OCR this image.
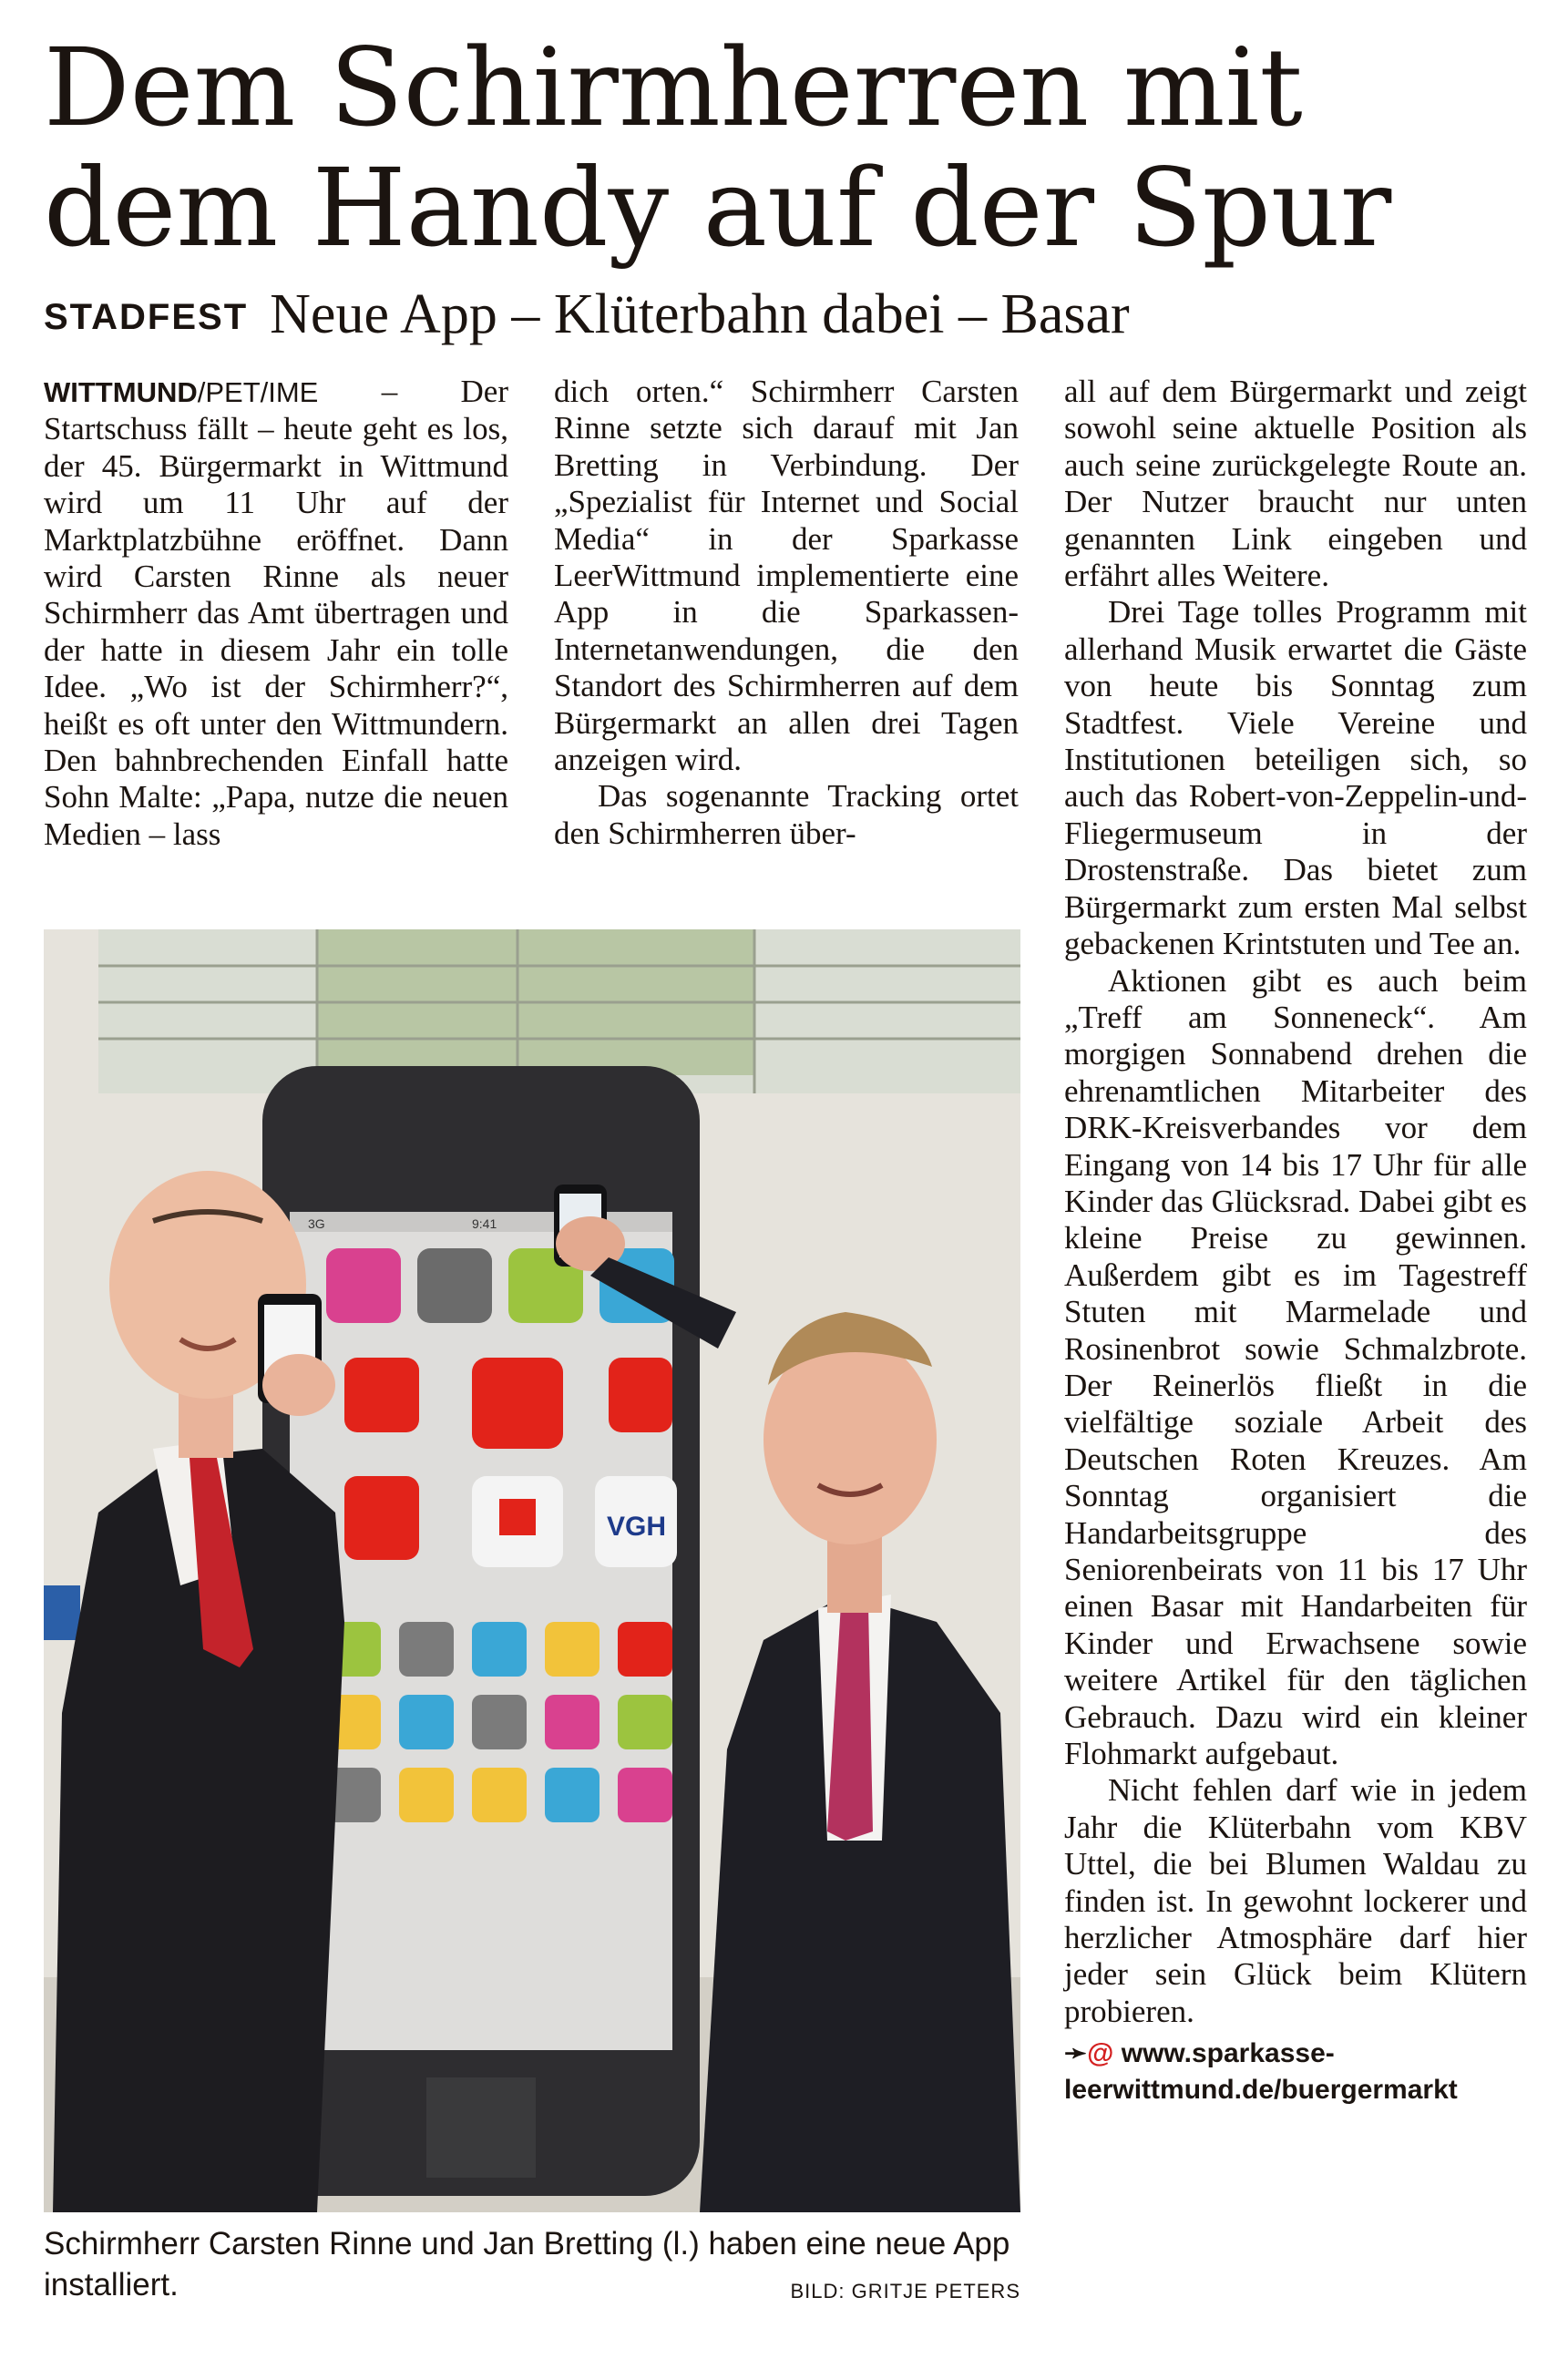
Dem Schirmherren mit
dem Handy auf der Spur
STADFEST Neue App – Klüterbahn dabei – Basar

WITTMUND/PET/IME – Der Startschuss fällt – heute geht es los, der 45. Bürgermarkt in Wittmund wird um 11 Uhr auf der Marktplatzbühne eröffnet. Dann wird Carsten Rinne als neuer Schirmherr das Amt übertragen und der hatte in diesem Jahr ein tolle Idee. „Wo ist der Schirmherr?“, heißt es oft unter den Wittmundern. Den bahnbrechenden Einfall hatte Sohn Malte: „Papa, nutze die neuen Medien – lass

dich orten.“ Schirmherr Carsten Rinne setzte sich darauf mit Jan Bretting in Verbindung. Der „Spezialist für Internet und Social Media“ in der Sparkasse LeerWittmund implementierte eine App in die Sparkassen-Internetanwendungen, die den Standort des Schirmherren auf dem Bürgermarkt an allen drei Tagen anzeigen wird.

Das sogenannte Tracking ortet den Schirmherren über-

all auf dem Bürgermarkt und zeigt sowohl seine aktuelle Position als auch seine zurückgelegte Route an. Der Nutzer braucht nur unten genannten Link eingeben und erfährt alles Weitere.

Drei Tage tolles Programm mit allerhand Musik erwartet die Gäste von heute bis Sonntag zum Stadtfest. Viele Vereine und Institutionen beteiligen sich, so auch das Robert-von-Zeppelin-und-Fliegermuseum in der Drostenstraße. Das bietet zum Bürgermarkt zum ersten Mal selbst gebackenen Krintstuten und Tee an.

Aktionen gibt es auch beim „Treff am Sonneneck“. Am morgigen Sonnabend drehen die ehrenamtlichen Mitarbeiter des DRK-Kreisverbandes vor dem Eingang von 14 bis 17 Uhr für alle Kinder das Glücksrad. Dabei gibt es kleine Preise zu gewinnen. Außerdem gibt es im Tagestreff Stuten mit Marmelade und Rosinenbrot sowie Schmalzbrote. Der Reinerlös fließt in die vielfältige soziale Arbeit des Deutschen Roten Kreuzes. Am Sonntag organisiert die Handarbeitsgruppe des Seniorenbeirats von 11 bis 17 Uhr einen Basar mit Handarbeiten für Kinder und Erwachsene sowie weitere Artikel für den täglichen Gebrauch. Dazu wird ein kleiner Flohmarkt aufgebaut.

Nicht fehlen darf wie in jedem Jahr die Klüterbahn vom KBV Uttel, die bei Blumen Waldau zu finden ist. In gewohnt lockerer und herzlicher Atmosphäre darf hier jeder sein Glück beim Klütern probieren.

➛@ www.sparkasse-
leerwittmund.de/buergermarkt
3G	9:41
VGH
Schirmherr Carsten Rinne und Jan Bretting (l.) haben eine neue App installiert.	BILD: GRITJE PETERS
